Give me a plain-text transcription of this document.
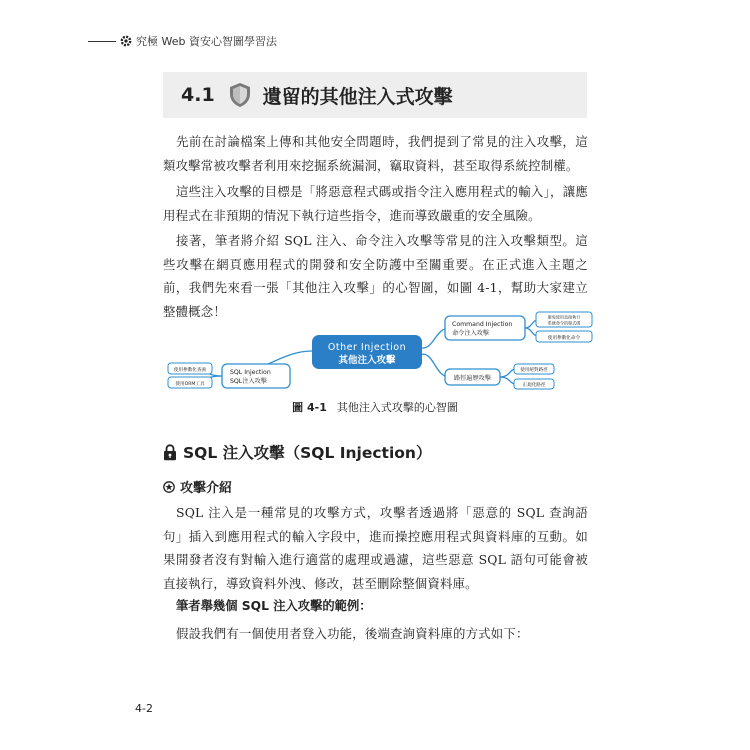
究極 Web 資安心智圖學習法
4.1	遺留的其他注入式攻擊

先前在討論檔案上傳和其他安全問題時，我們提到了常見的注入攻擊，這類攻擊常被攻擊者利用來挖掘系統漏洞，竊取資料，甚至取得系統控制權。

這些注入攻擊的目標是「將惡意程式碼或指令注入應用程式的輸入」，讓應用程式在非預期的情況下執行這些指令，進而導致嚴重的安全風險。

接著，筆者將介紹 SQL 注入、命令注入攻擊等常見的注入攻擊類型。這些攻擊在網頁應用程式的開發和安全防護中至關重要。在正式進入主題之前，我們先來看一張「其他注入攻擊」的心智圖，如圖 4-1，幫助大家建立整體概念！

Other Injection
其他注入攻擊
SQL Injection
SQL注入攻擊
使用參數化查詢
使用ORM工具
Command Injection
命令注入攻擊
避免使用直接執行
系統命令的程式碼
使用參數化命令
路徑遍歷攻擊
使用絕對路徑
正規化路徑
圖 4-1 其他注入式攻擊的心智圖
SQL 注入攻擊（SQL Injection）
攻擊介紹

SQL 注入是一種常見的攻擊方式，攻擊者透過將「惡意的 SQL 查詢語句」插入到應用程式的輸入字段中，進而操控應用程式與資料庫的互動。如果開發者沒有對輸入進行適當的處理或過濾，這些惡意 SQL 語句可能會被直接執行，導致資料外洩、修改，甚至刪除整個資料庫。

筆者舉幾個 SQL 注入攻擊的範例：

假設我們有一個使用者登入功能，後端查詢資料庫的方式如下：

4-2
